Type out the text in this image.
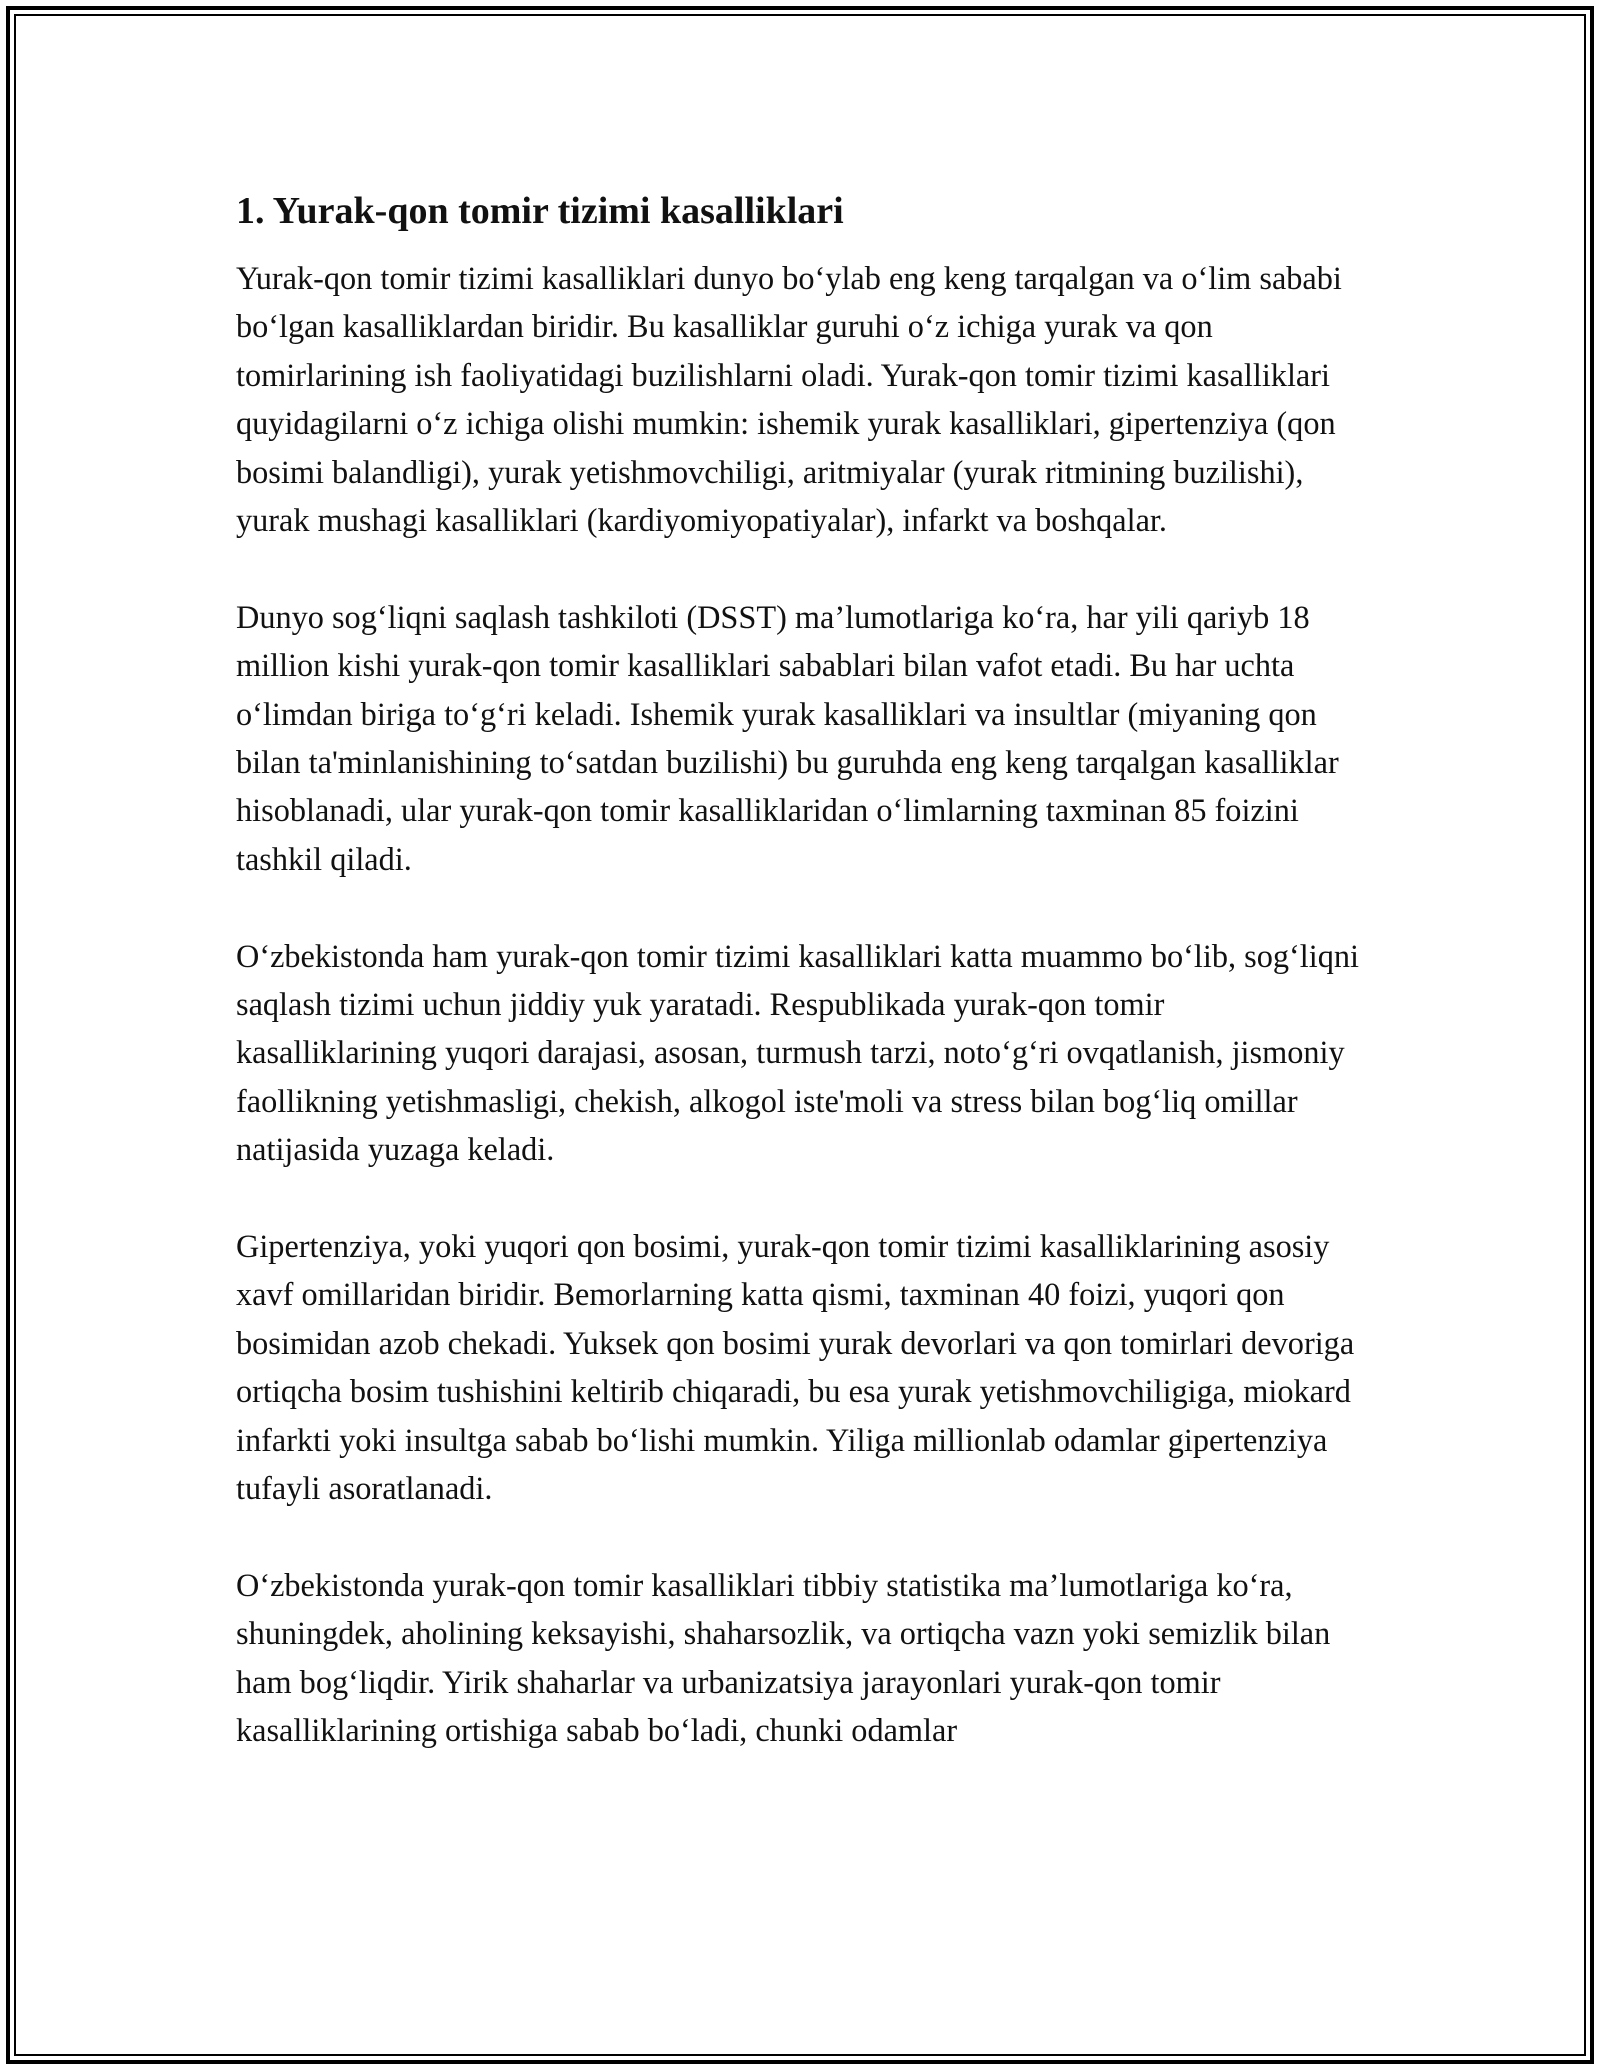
1. Yurak-qon tomir tizimi kasalliklari

Yurak-qon tomir tizimi kasalliklari dunyo bo‘ylab eng keng tarqalgan va o‘lim sababi bo‘lgan kasalliklardan biridir. Bu kasalliklar guruhi o‘z ichiga yurak va qon tomirlarining ish faoliyatidagi buzilishlarni oladi. Yurak-qon tomir tizimi kasalliklari quyidagilarni o‘z ichiga olishi mumkin: ishemik yurak kasalliklari, gipertenziya (qon bosimi balandligi), yurak yetishmovchiligi, aritmiyalar (yurak ritmining buzilishi), yurak mushagi kasalliklari (kardiyomiyopatiyalar), infarkt va boshqalar.

Dunyo sog‘liqni saqlash tashkiloti (DSST) ma’lumotlariga ko‘ra, har yili qariyb 18 million kishi yurak-qon tomir kasalliklari sabablari bilan vafot etadi. Bu har uchta o‘limdan biriga to‘g‘ri keladi. Ishemik yurak kasalliklari va insultlar (miyaning qon bilan ta'minlanishining to‘satdan buzilishi) bu guruhda eng keng tarqalgan kasalliklar hisoblanadi, ular yurak-qon tomir kasalliklaridan o‘limlarning taxminan 85 foizini tashkil qiladi.

O‘zbekistonda ham yurak-qon tomir tizimi kasalliklari katta muammo bo‘lib, sog‘liqni saqlash tizimi uchun jiddiy yuk yaratadi. Respublikada yurak-qon tomir kasalliklarining yuqori darajasi, asosan, turmush tarzi, noto‘g‘ri ovqatlanish, jismoniy faollikning yetishmasligi, chekish, alkogol iste'moli va stress bilan bog‘liq omillar natijasida yuzaga keladi.

Gipertenziya, yoki yuqori qon bosimi, yurak-qon tomir tizimi kasalliklarining asosiy xavf omillaridan biridir. Bemorlarning katta qismi, taxminan 40 foizi, yuqori qon bosimidan azob chekadi. Yuksek qon bosimi yurak devorlari va qon tomirlari devoriga ortiqcha bosim tushishini keltirib chiqaradi, bu esa yurak yetishmovchiligiga, miokard infarkti yoki insultga sabab bo‘lishi mumkin. Yiliga millionlab odamlar gipertenziya tufayli asoratlanadi.

O‘zbekistonda yurak-qon tomir kasalliklari tibbiy statistika ma’lumotlariga ko‘ra, shuningdek, aholining keksayishi, shaharsozlik, va ortiqcha vazn yoki semizlik bilan ham bog‘liqdir. Yirik shaharlar va urbanizatsiya jarayonlari yurak-qon tomir kasalliklarining ortishiga sabab bo‘ladi, chunki odamlar
